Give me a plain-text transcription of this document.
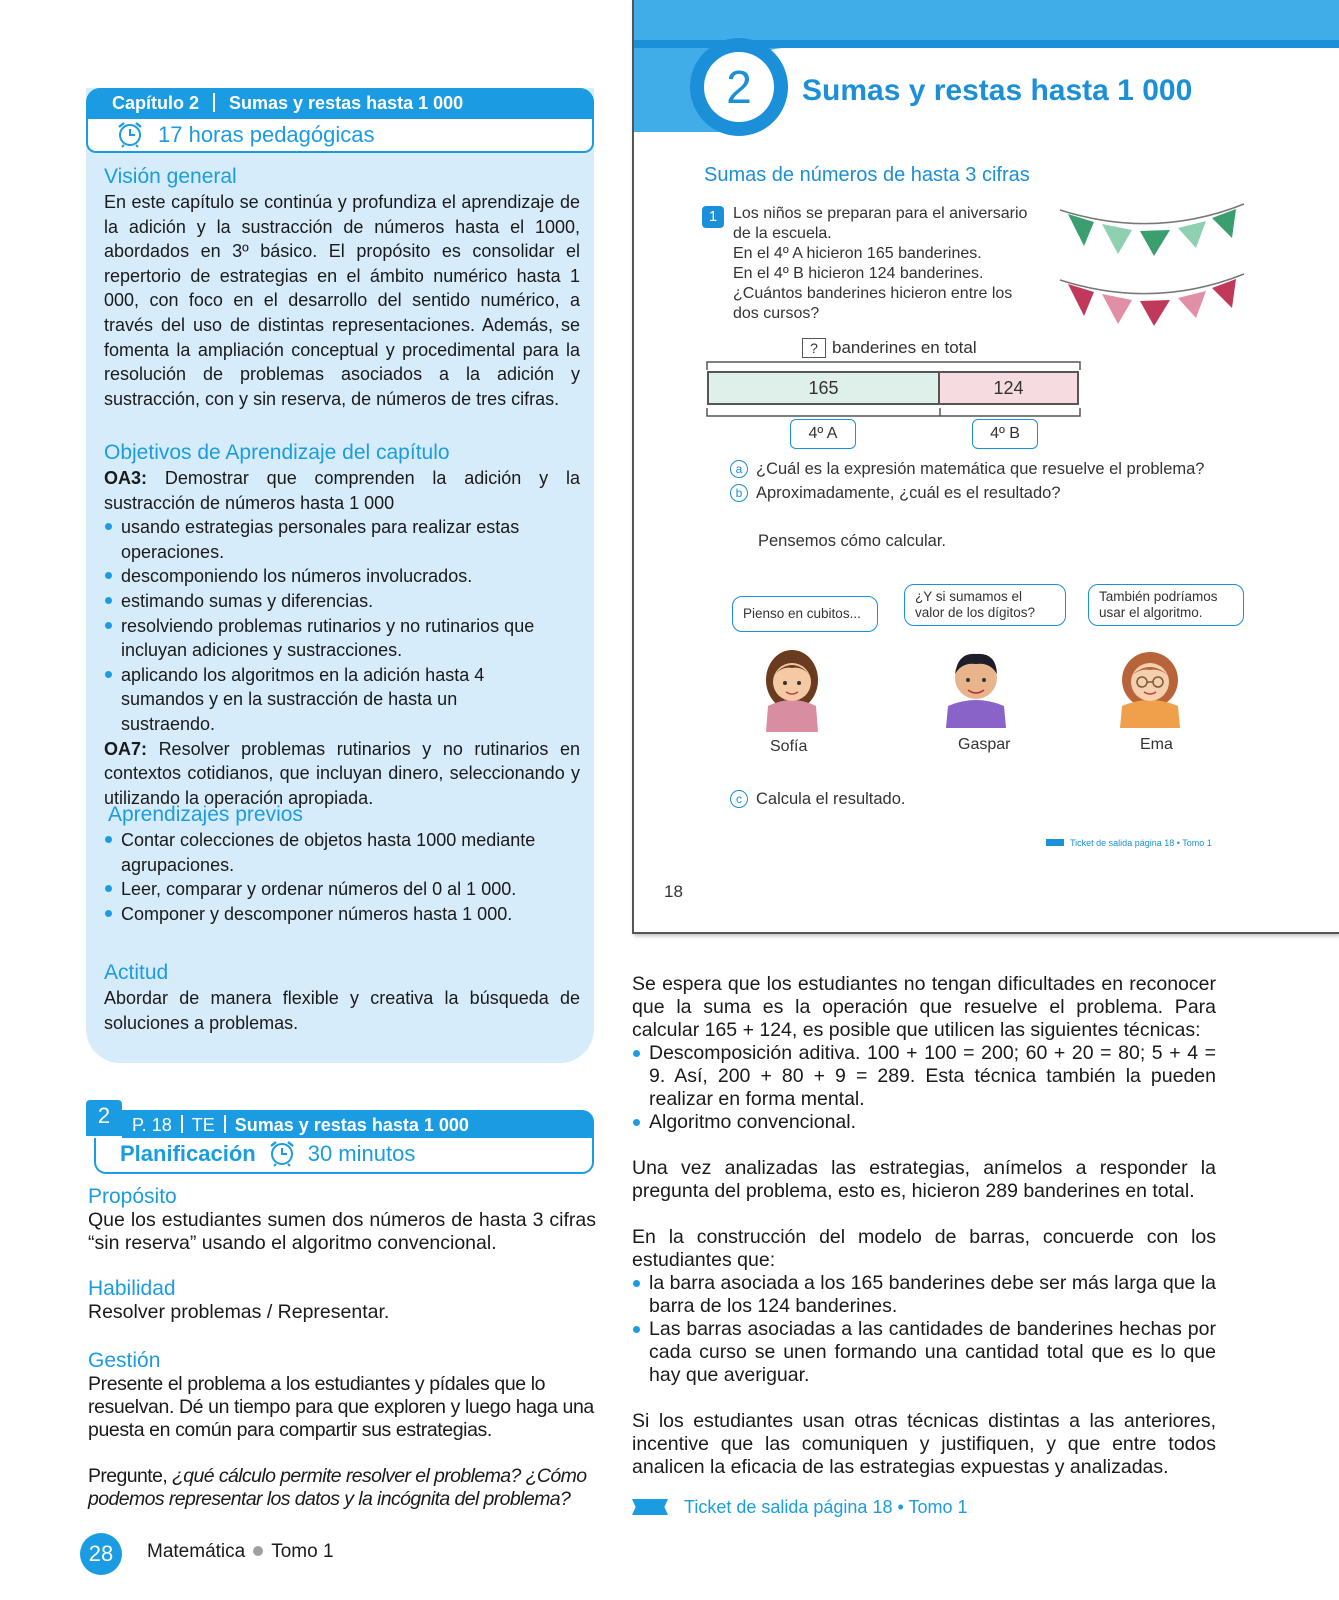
Capítulo 2 Sumas y restas hasta 1 000
17 horas pedagógicas
Visión general
En este capítulo se continúa y profundiza el aprendizaje de la adición y la sustracción de números hasta el 1000, abordados en 3º básico. El propósito es consolidar el repertorio de estrategias en el ámbito numérico hasta 1 000, con foco en el desarrollo del sentido numérico, a través del uso de distintas representaciones. Además, se fomenta la ampliación conceptual y procedimental para la resolución de problemas asociados a la adición y sustracción, con y sin reserva, de números de tres cifras.
Objetivos de Aprendizaje del capítulo
OA3: Demostrar que comprenden la adición y la sustracción de números hasta 1 000
usando estrategias personales para realizar estas operaciones.
descomponiendo los números involucrados.
estimando sumas y diferencias.
resolviendo problemas rutinarios y no rutinarios que incluyan adiciones y sustracciones.
aplicando los algoritmos en la adición hasta 4 sumandos y en la sustracción de hasta un sustraendo.
OA7: Resolver problemas rutinarios y no rutinarios en contextos cotidianos, que incluyan dinero, seleccionando y utilizando la operación apropiada.
Aprendizajes previos
Contar colecciones de objetos hasta 1000 mediante agrupaciones.
Leer, comparar y ordenar números del 0 al 1 000.
Componer y descomponer números hasta 1 000.
Actitud
Abordar de manera flexible y creativa la búsqueda de soluciones a problemas.
2	P. 18 TE Sumas y restas hasta 1 000
Planificación 30 minutos
Propósito
Que los estudiantes sumen dos números de hasta 3 cifras “sin reserva” usando el algoritmo convencional.
Habilidad
Resolver problemas / Representar.
Gestión
Presente el problema a los estudiantes y pídales que lo resuelvan. Dé un tiempo para que exploren y luego haga una puesta en común para compartir sus estrategias.
Pregunte, ¿qué cálculo permite resolver el problema? ¿Cómo podemos representar los datos y la incógnita del problema?
28	Matemática Tomo 1
2	Sumas y restas hasta 1 000
Sumas de números de hasta 3 cifras
1 Los niños se preparan para el aniversario
de la escuela.
En el 4º A hicieron 165 banderines.
En el 4º B hicieron 124 banderines.
¿Cuántos banderines hicieron entre los
dos cursos?
? banderines en total
165	124
4º A	4º B
a ¿Cuál es la expresión matemática que resuelve el problema?
b Aproximadamente, ¿cuál es el resultado?
Pensemos cómo calcular.
Pienso en cubitos...
¿Y si sumamos el valor de los dígitos?
También podríamos usar el algoritmo.
Sofía	Gaspar	Ema
c Calcula el resultado.
Ticket de salida página 18 • Tomo 1
18
Se espera que los estudiantes no tengan dificultades en reconocer que la suma es la operación que resuelve el problema. Para calcular 165 + 124, es posible que utilicen las siguientes técnicas:
Descomposición aditiva. 100 + 100 = 200; 60 + 20 = 80; 5 + 4 = 9. Así, 200 + 80 + 9 = 289. Esta técnica también la pueden realizar en forma mental.
Algoritmo convencional.
Una vez analizadas las estrategias, anímelos a responder la pregunta del problema, esto es, hicieron 289 banderines en total.
En la construcción del modelo de barras, concuerde con los estudiantes que:
la barra asociada a los 165 banderines debe ser más larga que la barra de los 124 banderines.
Las barras asociadas a las cantidades de banderines hechas por cada curso se unen formando una cantidad total que es lo que hay que averiguar.
Si los estudiantes usan otras técnicas distintas a las anteriores, incentive que las comuniquen y justifiquen, y que entre todos analicen la eficacia de las estrategias expuestas y analizadas.
Ticket de salida página 18 • Tomo 1
